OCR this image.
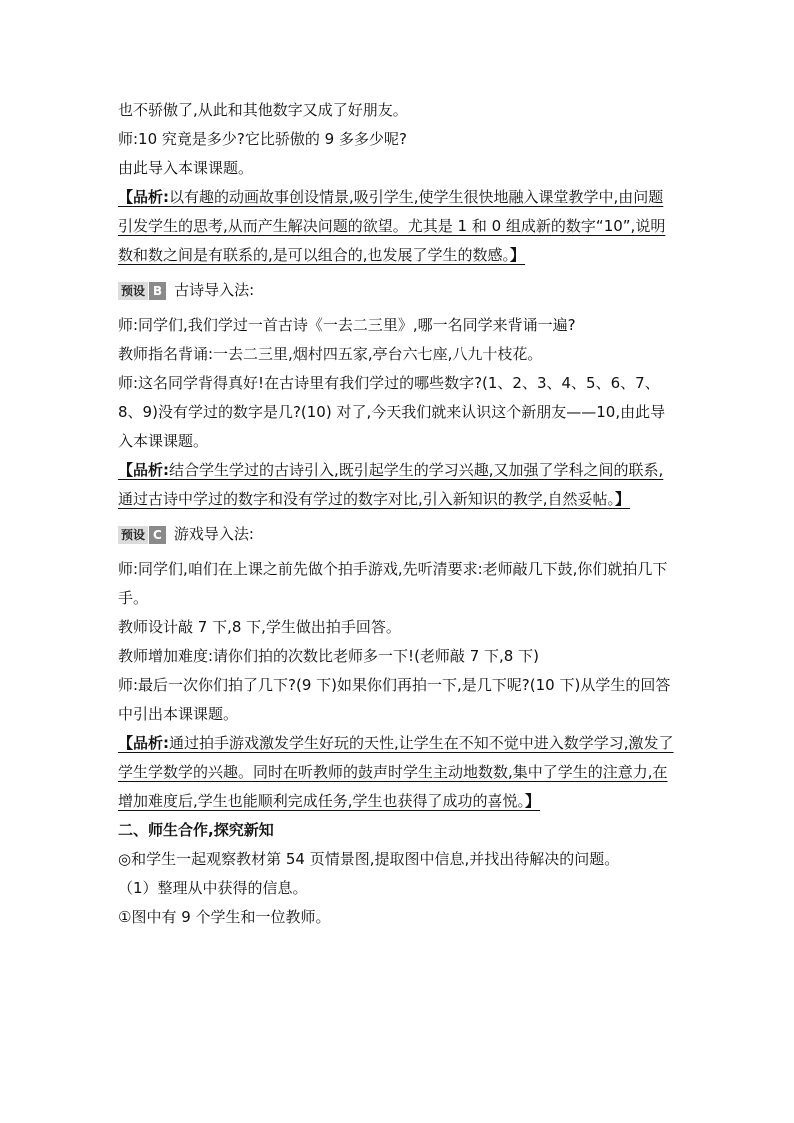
也不骄傲了,从此和其他数字又成了好朋友。

师:10 究竟是多少?它比骄傲的 9 多多少呢?

由此导入本课课题。

【品析:以有趣的动画故事创设情景,吸引学生,使学生很快地融入课堂教学中,由问题引发学生的思考,从而产生解决问题的欲望。尤其是 1 和 0 组成新的数字“10”,说明数和数之间是有联系的,是可以组合的,也发展了学生的数感。】

预设 B 古诗导入法:

师:同学们,我们学过一首古诗《一去二三里》,哪一名同学来背诵一遍?

教师指名背诵:一去二三里,烟村四五家,亭台六七座,八九十枝花。

师:这名同学背得真好!在古诗里有我们学过的哪些数字?(1、2、3、4、5、6、7、8、9)没有学过的数字是几?(10) 对了,今天我们就来认识这个新朋友——10,由此导入本课课题。

【品析:结合学生学过的古诗引入,既引起学生的学习兴趣,又加强了学科之间的联系,通过古诗中学过的数字和没有学过的数字对比,引入新知识的教学,自然妥帖。】

预设 C 游戏导入法:

师:同学们,咱们在上课之前先做个拍手游戏,先听清要求:老师敲几下鼓,你们就拍几下手。

教师设计敲 7 下,8 下,学生做出拍手回答。

教师增加难度:请你们拍的次数比老师多一下!(老师敲 7 下,8 下)

师:最后一次你们拍了几下?(9 下)如果你们再拍一下,是几下呢?(10 下)从学生的回答中引出本课课题。

【品析:通过拍手游戏激发学生好玩的天性,让学生在不知不觉中进入数学学习,激发了学生学数学的兴趣。同时在听教师的鼓声时学生主动地数数,集中了学生的注意力,在增加难度后,学生也能顺利完成任务,学生也获得了成功的喜悦。】

二、师生合作,探究新知

◎和学生一起观察教材第 54 页情景图,提取图中信息,并找出待解决的问题。

（1）整理从中获得的信息。

①图中有 9 个学生和一位教师。
